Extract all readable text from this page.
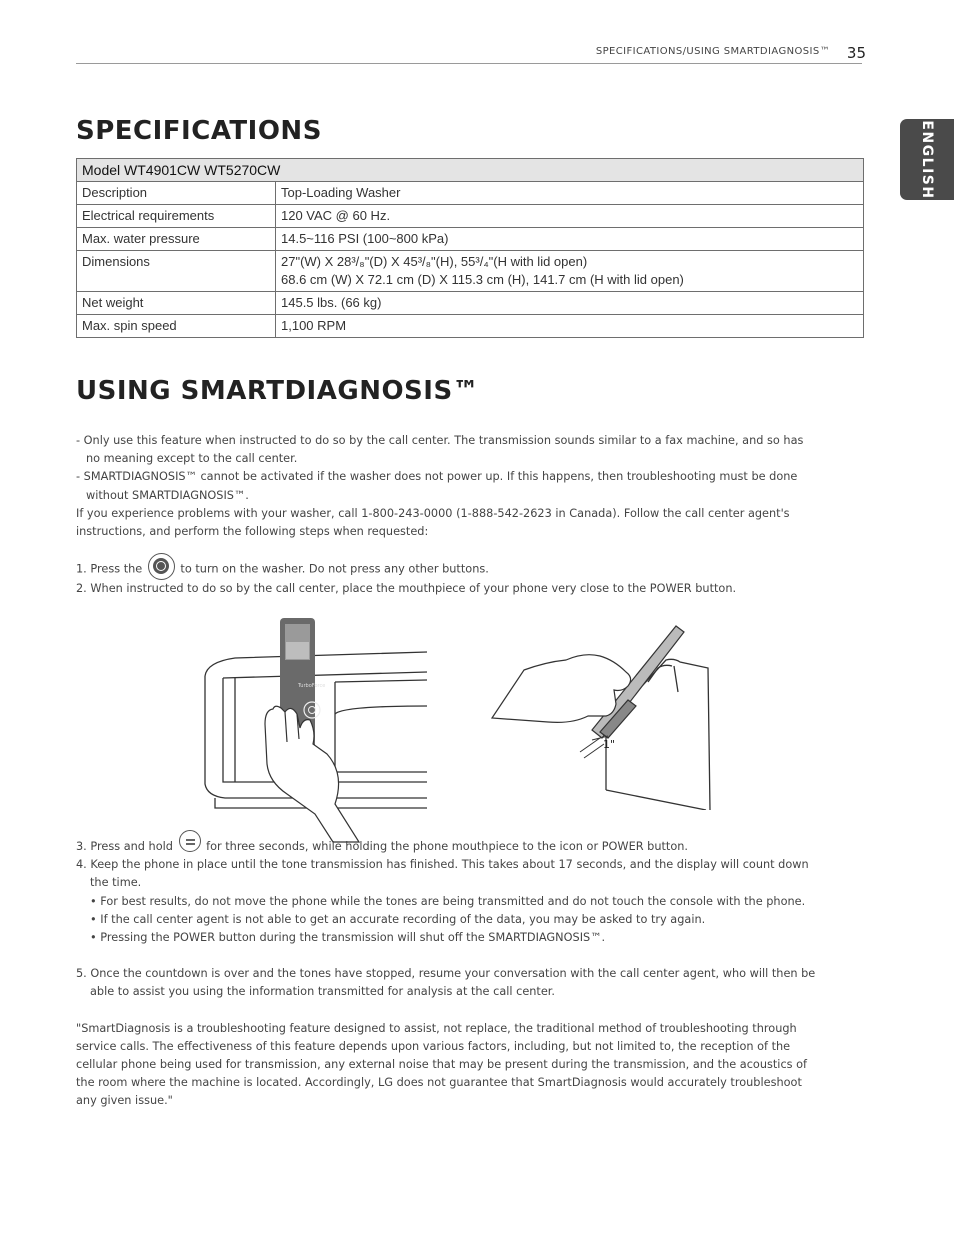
SPECIFICATIONS/USING SMARTDIAGNOSIS™ 35
ENGLISH
SPECIFICATIONS
Model WT4901CW WT5270CW	
Description	Top-Loading Washer
Electrical requirements	120 VAC @ 60 Hz.
Max. water pressure	14.5~116 PSI (100~800 kPa)
Dimensions	27"(W) X 28³/₈"(D) X 45³/₈"(H), 55³/₄"(H with lid open)
68.6 cm (W) X 72.1 cm (D) X 115.3 cm (H), 141.7 cm (H with lid open)

Net weight	145.5 lbs. (66 kg)
Max. spin speed	1,100 RPM
USING SMARTDIAGNOSIS™

- Only use this feature when instructed to do so by the call center. The transmission sounds similar to a fax machine, and so has

no meaning except to the call center.

- SMARTDIAGNOSIS™ cannot be activated if the washer does not power up. If this happens, then troubleshooting must be done

without SMARTDIAGNOSIS™.

If you experience problems with your washer, call 1-800-243-0000 (1-888-542-2623 in Canada). Follow the call center agent's

instructions, and perform the following steps when requested:

1. Press the	to turn on the washer. Do not press any other buttons.

2. When instructed to do so by the call center, place the mouthpiece of your phone very close to the POWER button.

TurboForce
1"

3. Press and hold	for three seconds, while holding the phone mouthpiece to the icon or POWER button.

4. Keep the phone in place until the tone transmission has finished. This takes about 17 seconds, and the display will count down

the time.

• For best results, do not move the phone while the tones are being transmitted and do not touch the console with the phone.

• If the call center agent is not able to get an accurate recording of the data, you may be asked to try again.

• Pressing the POWER button during the transmission will shut off the SMARTDIAGNOSIS™.

5. Once the countdown is over and the tones have stopped, resume your conversation with the call center agent, who will then be

able to assist you using the information transmitted for analysis at the call center.

"SmartDiagnosis is a troubleshooting feature designed to assist, not replace, the traditional method of troubleshooting through

service calls. The effectiveness of this feature depends upon various factors, including, but not limited to, the reception of the

cellular phone being used for transmission, any external noise that may be present during the transmission, and the acoustics of

the room where the machine is located. Accordingly, LG does not guarantee that SmartDiagnosis would accurately troubleshoot

any given issue."
